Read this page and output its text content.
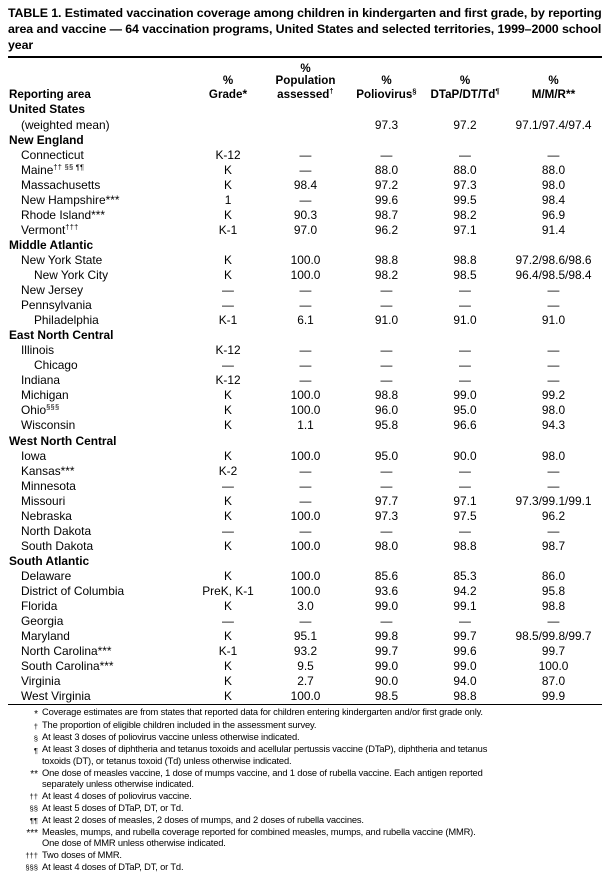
TABLE 1. Estimated vaccination coverage among children in kindergarten and first grade, by reporting area and vaccine — 64 vaccination programs, United States and selected territories, 1999–2000 school year
		%			
	%	Population	%	%	%
Reporting area	Grade*	assessed†	Poliovirus§	DTaP/DT/Td¶	M/M/R**
United States					
(weighted mean)			97.3	97.2	97.1/97.4/97.4
New England					
Connecticut	K-12	—	—	—	—
Maine†† §§ ¶¶	K	—	88.0	88.0	88.0
Massachusetts	K	98.4	97.2	97.3	98.0
New Hampshire***	1	—	99.6	99.5	98.4
Rhode Island***	K	90.3	98.7	98.2	96.9
Vermont†††	K-1	97.0	96.2	97.1	91.4
Middle Atlantic					
New York State	K	100.0	98.8	98.8	97.2/98.6/98.6
New York City	K	100.0	98.2	98.5	96.4/98.5/98.4
New Jersey	—	—	—	—	—
Pennsylvania	—	—	—	—	—
Philadelphia	K-1	6.1	91.0	91.0	91.0
East North Central					
Illinois	K-12	—	—	—	—
Chicago	—	—	—	—	—
Indiana	K-12	—	—	—	—
Michigan	K	100.0	98.8	99.0	99.2
Ohio§§§	K	100.0	96.0	95.0	98.0
Wisconsin	K	1.1	95.8	96.6	94.3
West North Central					
Iowa	K	100.0	95.0	90.0	98.0
Kansas***	K-2	—	—	—	—
Minnesota	—	—	—	—	—
Missouri	K	—	97.7	97.1	97.3/99.1/99.1
Nebraska	K	100.0	97.3	97.5	96.2
North Dakota	—	—	—	—	—
South Dakota	K	100.0	98.0	98.8	98.7
South Atlantic					
Delaware	K	100.0	85.6	85.3	86.0
District of Columbia	PreK, K-1	100.0	93.6	94.2	95.8
Florida	K	3.0	99.0	99.1	98.8
Georgia	—	—	—	—	—
Maryland	K	95.1	99.8	99.7	98.5/99.8/99.7
North Carolina***	K-1	93.2	99.7	99.6	99.7
South Carolina***	K	9.5	99.0	99.0	100.0
Virginia	K	2.7	90.0	94.0	87.0
West Virginia	K	100.0	98.5	98.8	99.9
* Coverage estimates are from states that reported data for children entering kindergarten and/or first grade only.
† The proportion of eligible children included in the assessment survey.
§ At least 3 doses of poliovirus vaccine unless otherwise indicated.
¶ At least 3 doses of diphtheria and tetanus toxoids and acellular pertussis vaccine (DTaP), diphtheria and tetanus
toxoids (DT), or tetanus toxoid (Td) unless otherwise indicated.
** One dose of measles vaccine, 1 dose of mumps vaccine, and 1 dose of rubella vaccine. Each antigen reported
separately unless otherwise indicated.
†† At least 4 doses of poliovirus vaccine.
§§ At least 5 doses of DTaP, DT, or Td.
¶¶ At least 2 doses of measles, 2 doses of mumps, and 2 doses of rubella vaccines.
*** Measles, mumps, and rubella coverage reported for combined measles, mumps, and rubella vaccine (MMR).
One dose of MMR unless otherwise indicated.
††† Two doses of MMR.
§§§ At least 4 doses of DTaP, DT, or Td.
